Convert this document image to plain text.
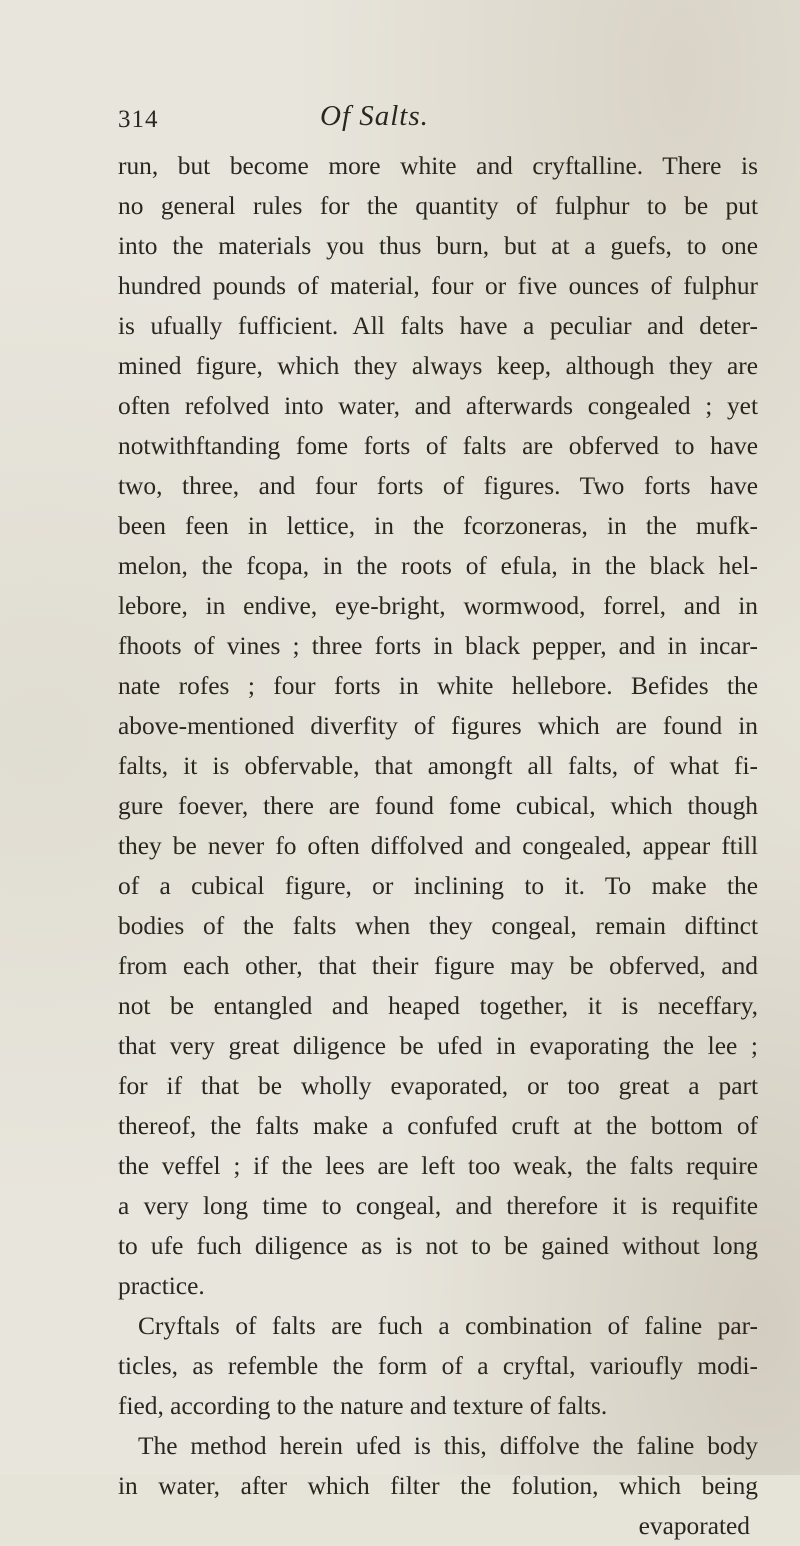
314	Of Salts.
run, but become more white and cryftalline. There is
no general rules for the quantity of fulphur to be put
into the materials you thus burn, but at a guefs, to one
hundred pounds of material, four or five ounces of fulphur
is ufually fufficient. All falts have a peculiar and deter-
mined figure, which they always keep, although they are
often refolved into water, and afterwards congealed ; yet
notwithftanding fome forts of falts are obferved to have
two, three, and four forts of figures. Two forts have
been feen in lettice, in the fcorzoneras, in the mufk-
melon, the fcopa, in the roots of efula, in the black hel-
lebore, in endive, eye-bright, wormwood, forrel, and in
fhoots of vines ; three forts in black pepper, and in incar-
nate rofes ; four forts in white hellebore. Befides the
above-mentioned diverfity of figures which are found in
falts, it is obfervable, that amongft all falts, of what fi-
gure foever, there are found fome cubical, which though
they be never fo often diffolved and congealed, appear ftill
of a cubical figure, or inclining to it. To make the
bodies of the falts when they congeal, remain diftinct
from each other, that their figure may be obferved, and
not be entangled and heaped together, it is neceffary,
that very great diligence be ufed in evaporating the lee ;
for if that be wholly evaporated, or too great a part
thereof, the falts make a confufed cruft at the bottom of
the veffel ; if the lees are left too weak, the falts require
a very long time to congeal, and therefore it is requifite
to ufe fuch diligence as is not to be gained without long
practice.
Cryftals of falts are fuch a combination of faline par-
ticles, as refemble the form of a cryftal, varioufly modi-
fied, according to the nature and texture of falts.
The method herein ufed is this, diffolve the faline body
in water, after which filter the folution, which being
evaporated
